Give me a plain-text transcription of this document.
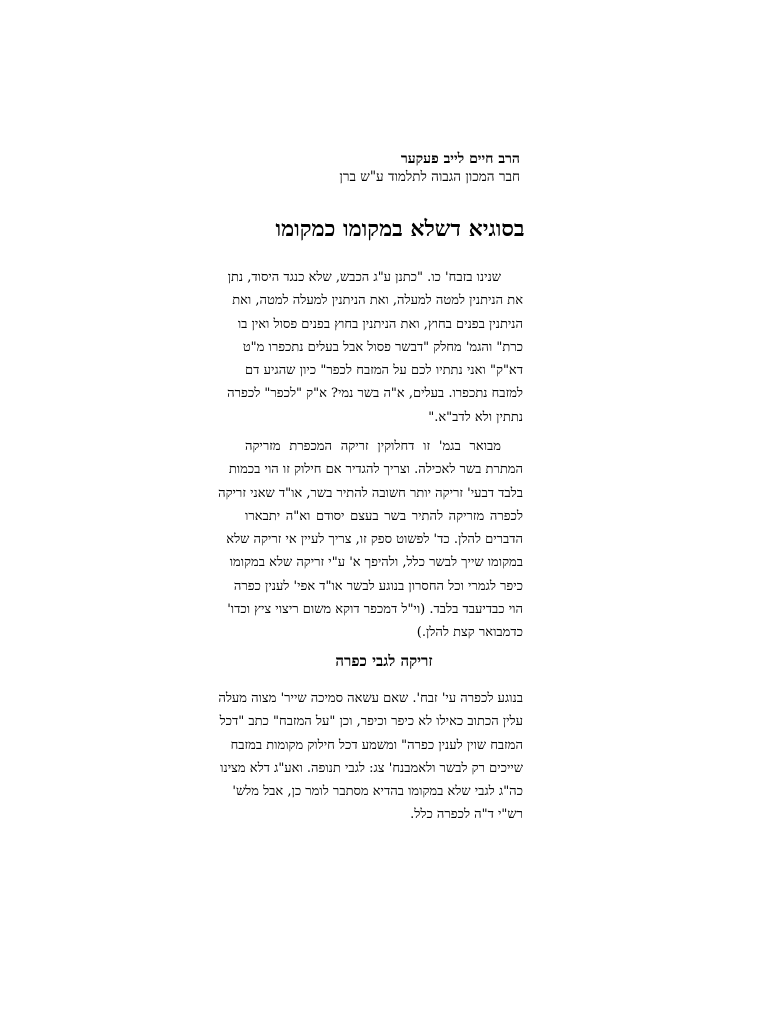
הרב חיים לייב פעקער
חבר המכון הגבוה לתלמוד ע"ש ברן
בסוגיא דשלא במקומו כמקומו
שנינו בזבח' כו. "כתנן ע"ג הכבש, שלא כנגד היסוד, נתן
את הניתנין למטה למעלה, ואת הניתנין למעלה למטה, ואת
הניתנין בפנים בחוץ, ואת הניתנין בחוץ בפנים פסול ואין בו
כרת" והגמ' מחלק "דבשר פסול אבל בעלים נתכפרו מ"ט
דא"ק" ואני נתתיו לכם על המזבח לכפר" כיון שהגיע דם
למזבח נתכפרו. בעלים, א"ה בשר נמי? א"ק "לכפר" לכפרה
נתתין ולא לדב"א."
מבואר בגמ' זו דחלוקין זריקה המכפרת מזריקה
המתרת בשר לאכילה. וצריך להגדיר אם חילוק זו הוי בכמות
בלבד דבעי' זריקה יותר חשובה להתיר בשר, או"ד שאני זריקה
לכפרה מזריקה להתיר בשר בעצם יסודם וא"ה יתבארו
הדברים להלן. כד' לפשוט ספק זו, צריך לעיין אי זריקה שלא
במקומו שייך לבשר כלל, ולהיפך א' ע"י זריקה שלא במקומו
כיפר לגמרי וכל החסרון בנוגע לבשר או"ד אפי' לענין כפרה
הוי כבדיעבד בלבד. (וי"ל דמכפר דוקא משום ריצוי ציץ וכדו'
כדמבואר קצת להלן.)
זריקה לגבי כפרה
בנוגע לכפרה עי' זבח'. שאם עשאה סמיכה שייר' מצוה מעלה
עלין הכתוב כאילו לא כיפר וכיפר, וכן "על המזבח" כתב "דכל
המזבח שוין לענין כפרה" ומשמע דכל חילוק מקומות במזבח
שייכים רק לבשר ולאמבנח' צג: לגבי תנופה. ואע"ג דלא מצינו
כה"ג לגבי שלא במקומו בהדיא מסתבר לומר כן, אבל מלש'
רש"י ד"ה לכפרה כלל.
